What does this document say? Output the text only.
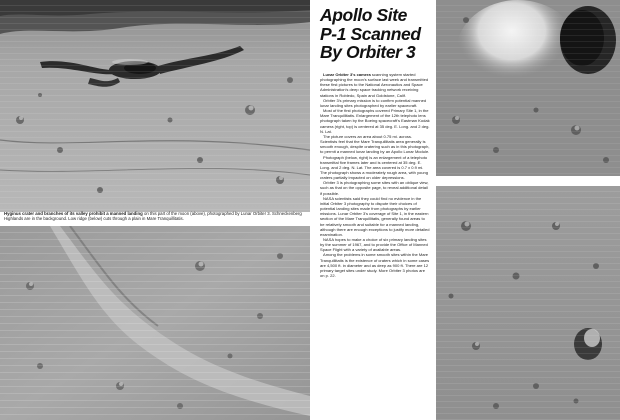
Hyginus crater and branches of its valley prohibit a manned landing on this part of the moon (above), photographed by Lunar Orbiter 3. Schneckenberg Highlands are in the background. Low ridge (below) cuts through a plain in Mare Tranquillitatis.
Apollo Site
P-1 Scanned
By Orbiter 3

Lunar Orbiter 3's camera scanning system started photographing the moon's surface last week and transmitted these first pictures to the National Aeronautics and Space Administration's deep space tracking network receiving stations in Robledo, Spain and Goldstone, Calif.

Orbiter 3's primary mission is to confirm potential manned lunar landing sites photographed by earlier spacecraft.

Most of the first photographs covered Primary Site 1, in the Mare Tranquillitatis. Enlargement of the 12th telephoto lens photograph taken by the Boeing spacecraft's Eastman Kodak camera (right, top) is centered at 35 deg. E. Long. and 2 deg. N. Lat.

The picture covers an area about 0.75 mi. across. Scientists feel that the Mare Tranquillitatis area generally is smooth enough, despite cratering such as in this photograph, to permit a manned lunar landing by an Apollo Lunar Module.

Photograph (below, right) is an enlargement of a telephoto transmittal five frames later and is centered at 35 deg. E. Long. and 2 deg. N. Lat. The area covered is 0.7 x 0.9 mi. The photograph shows a moderately rough area, with young craters partially impacted on older depressions.

Orbiter 3 is photographing some sites with an oblique view, such as that on the opposite page, to reveal additional detail if possible.

NASA scientists said they could find no evidence in the initial Orbiter 3 photography to dispute their choices of potential landing sites made from photographs by earlier missions. Lunar Orbiter 3's coverage of Site 1, in the eastern section of the Mare Tranquillitatis, generally found areas to be relatively smooth and suitable for a manned landing, although there are enough exceptions to justify more detailed examination.

NASA hopes to make a choice of six primary landing sites by the summer of 1967, and to provide the Office of Manned Space Flight with a variety of available areas.

Among the problems in some smooth sites within the Mare Tranquillitatis is the existence of craters which in some cases are 4,500 ft. in diameter and as deep as 900 ft. There are 12 primary target sites under study. More Orbiter 3 photos are on p. 22.
